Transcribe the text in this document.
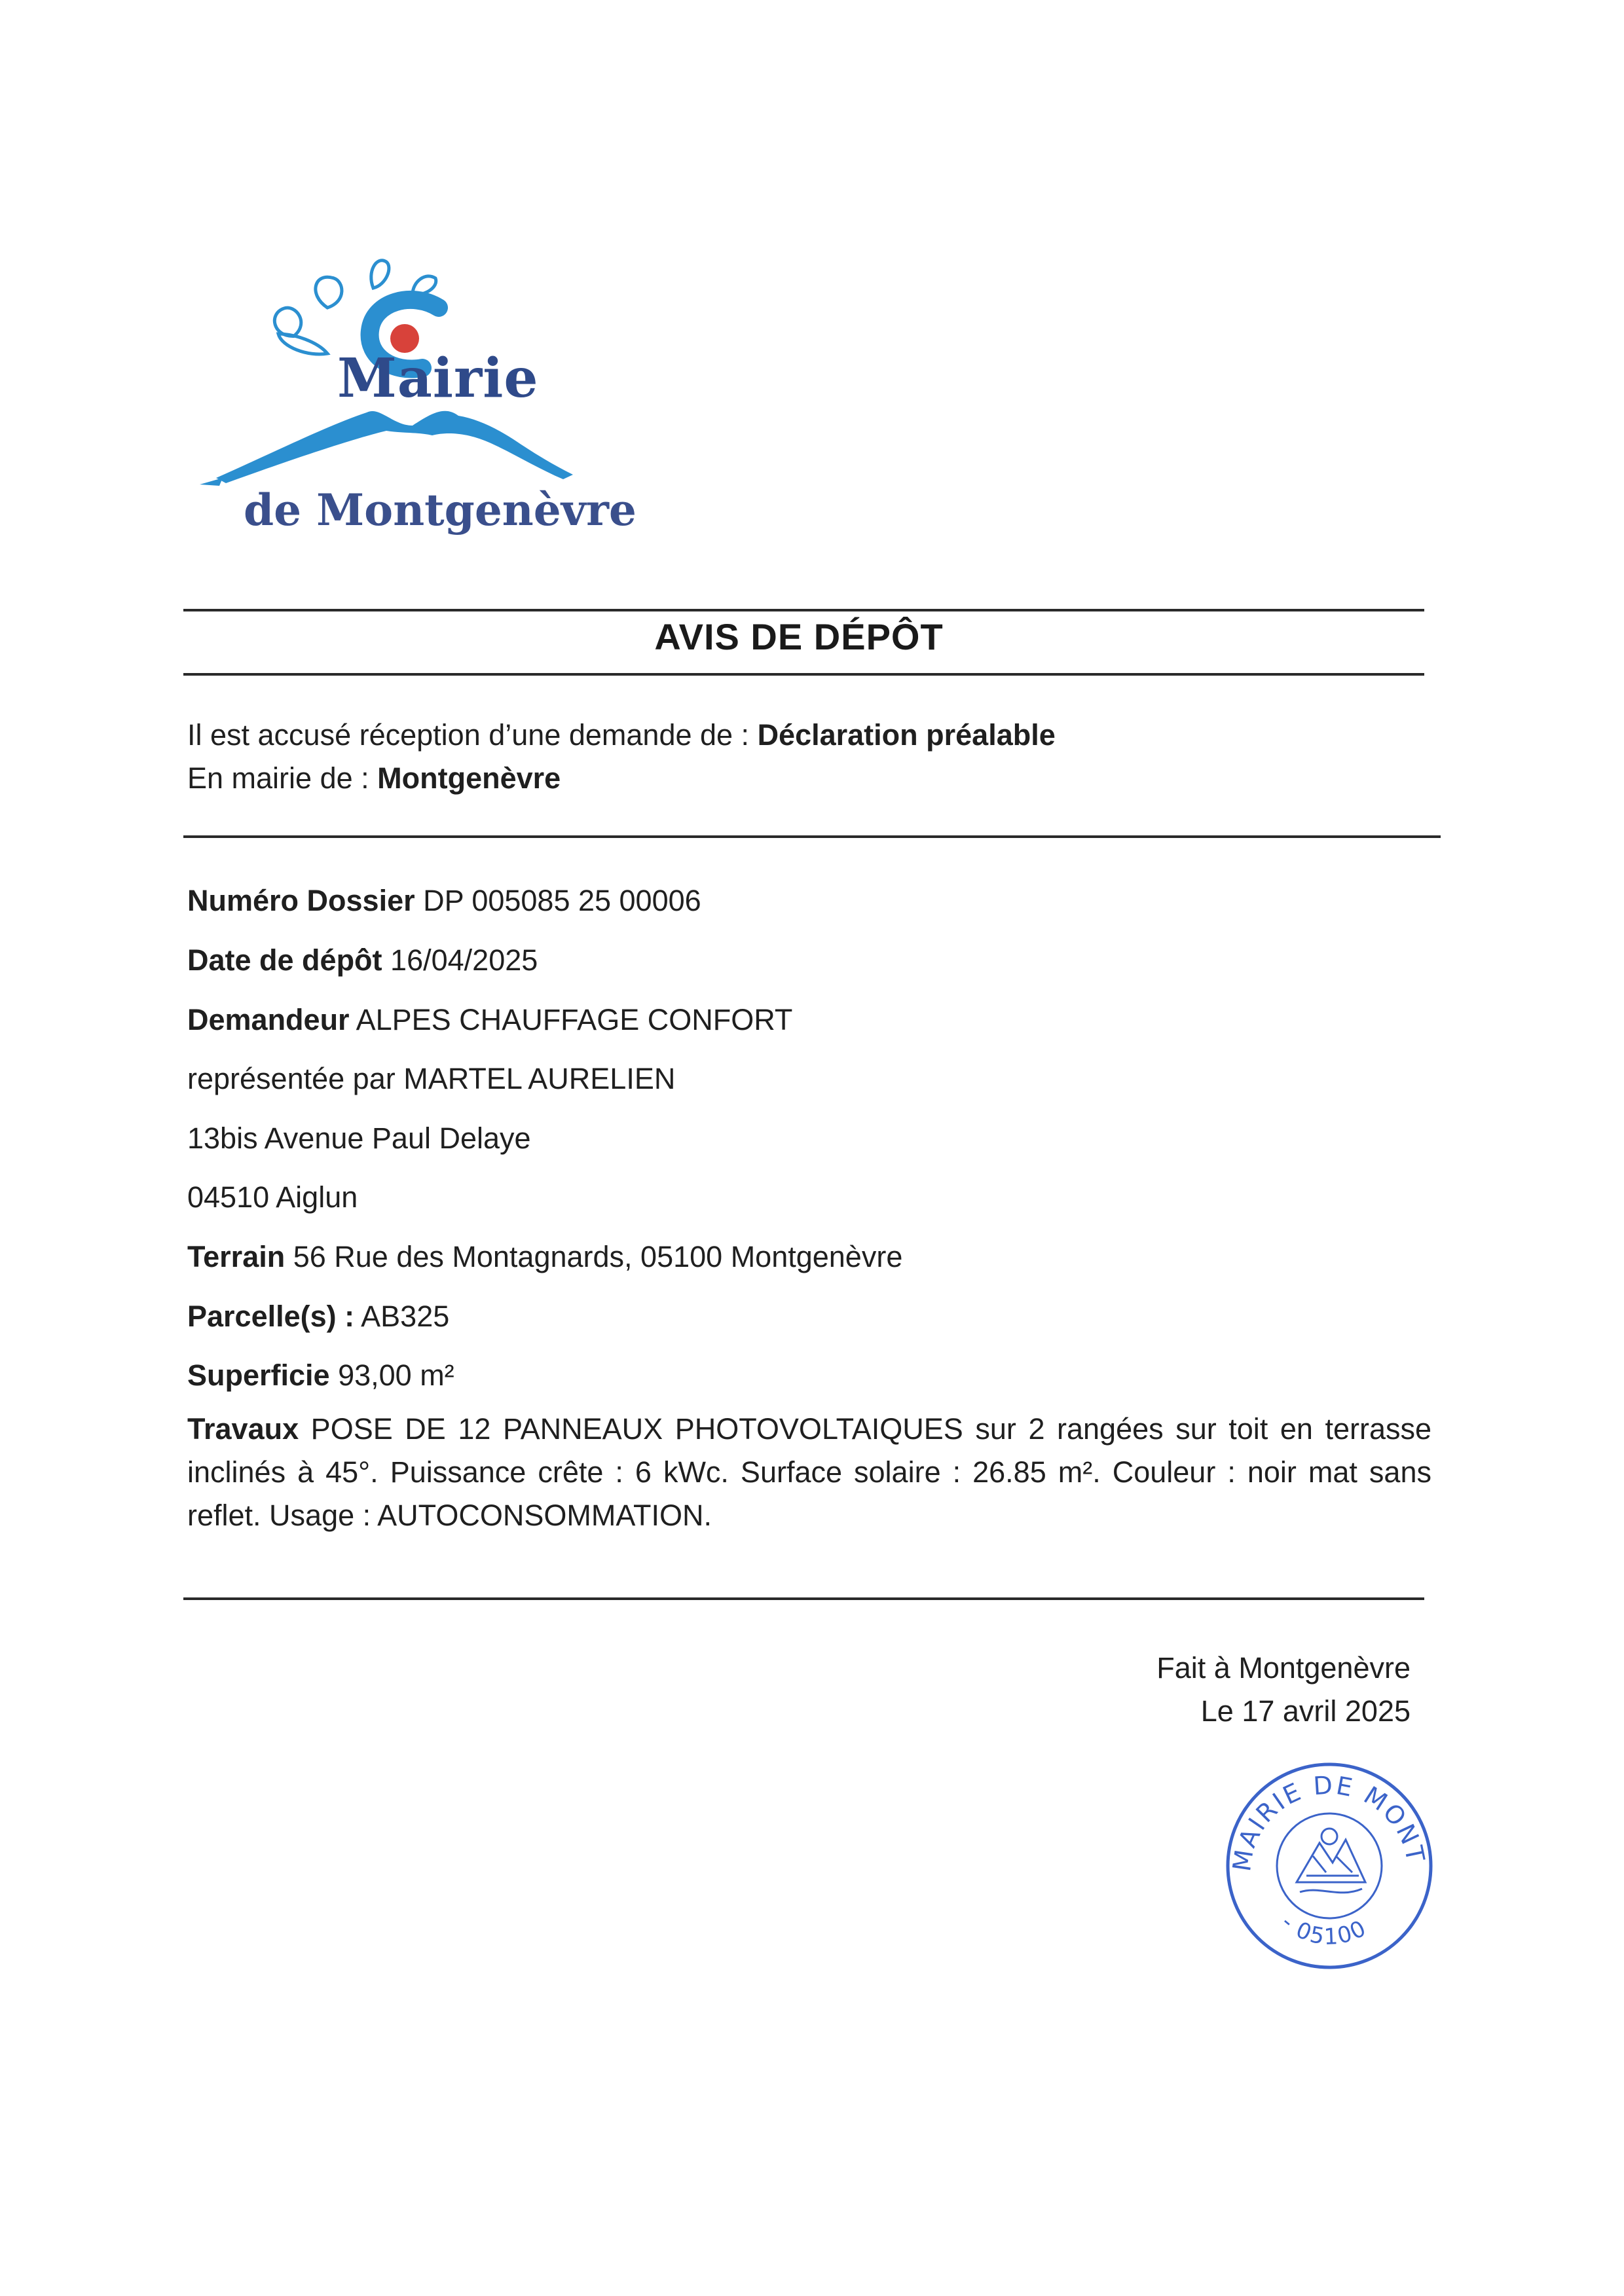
Mairie
de Montgenèvre
AVIS DE DÉPÔT
Il est accusé réception d’une demande de : Déclaration préalable
En mairie de : Montgenèvre
Numéro Dossier DP 005085 25 00006
Date de dépôt 16/04/2025
Demandeur ALPES CHAUFFAGE CONFORT
représentée par MARTEL AURELIEN
13bis Avenue Paul Delaye
04510 Aiglun
Terrain 56 Rue des Montagnards, 05100 Montgenèvre
Parcelle(s) : AB325
Superficie 93,00 m²
Travaux POSE DE 12 PANNEAUX PHOTOVOLTAIQUES sur 2 rangées sur toit en terrasse inclinés à 45°. Puissance crête : 6 kWc. Surface solaire : 26.85 m². Couleur : noir mat sans reflet. Usage : AUTOCONSOMMATION.
Fait à Montgenèvre
Le 17 avril 2025
MAIRIE DE MONT
- 05100
